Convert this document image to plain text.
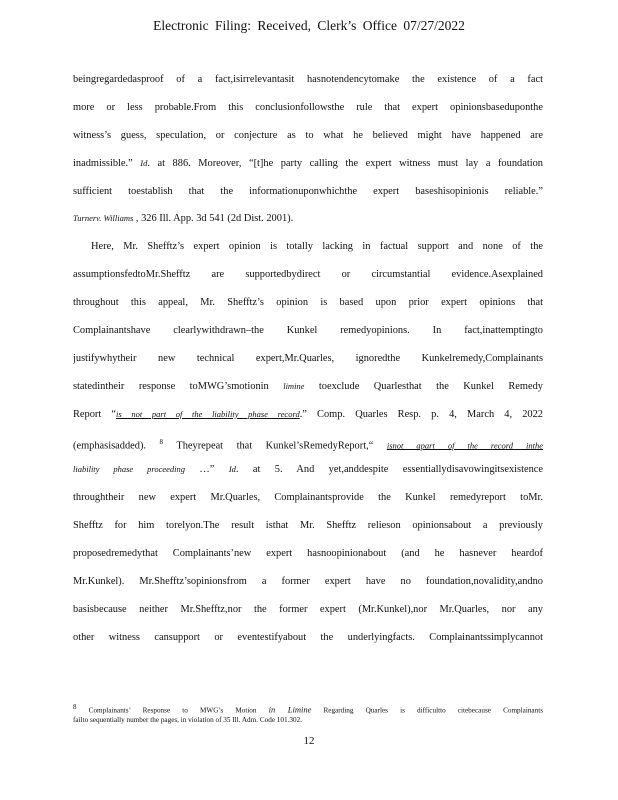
Electronic Filing: Received, Clerk’s Office 07/27/2022
beingregardedasproof of a fact,isirrelevantasit hasnotendencytomake the existence of a fact
more or less probable.From this conclusionfollowsthe rule that expert opinionsbaseduponthe
witness’s guess, speculation, or conjecture as to what he believed might have happened are
inadmissible.” Id. at 886. Moreover, “[t]he party calling the expert witness must lay a foundation
sufficient toestablish that the informationuponwhichthe expert baseshisopinionis reliable.”
Turnerv. Williams , 326 Ill. App. 3d 541 (2d Dist. 2001).
Here, Mr. Shefftz’s expert opinion is totally lacking in factual support and none of the
assumptionsfedtoMr.Shefftz are supportedbydirect or circumstantial evidence.Asexplained
throughout this appeal, Mr. Shefftz’s opinion is based upon prior expert opinions that
Complainantshave clearlywithdrawn–the Kunkel remedyopinions. In fact,inattemptingto
justifywhytheir new technical expert,Mr.Quarles, ignoredthe Kunkelremedy,Complainants
statedintheir response toMWG’smotionin limine toexclude Quarlesthat the Kunkel Remedy
Report “is not part of the liability phase record.” Comp. Quarles Resp. p. 4, March 4, 2022
(emphasisadded). $^8$ Theyrepeat that Kunkel’sRemedyReport,“ isnot apart of the record inthe
liability phase proceeding …” Id. at 5. And yet,anddespite essentiallydisavowingitsexistence
throughtheir new expert Mr.Quarles, Complainantsprovide the Kunkel remedyreport toMr.
Shefftz for him torelyon.The result isthat Mr. Shefftz relieson opinionsabout a previously
proposedremedythat Complainants’new expert hasnoopinionabout (and he hasnever heardof
Mr.Kunkel). Mr.Shefftz’sopinionsfrom a former expert have no foundation,novalidity,andno
basisbecause neither Mr.Shefftz,nor the former expert (Mr.Kunkel),nor Mr.Quarles, nor any
other witness cansupport or eventestifyabout the underlyingfacts. Complainantssimplycannot
8 Complainants’ Response to MWG’s Motion in Limine Regarding Quarles is difficultto citebecause Complainants
failto sequentially number the pages, in violation of 35 Ill. Adm. Code 101.302.
12
